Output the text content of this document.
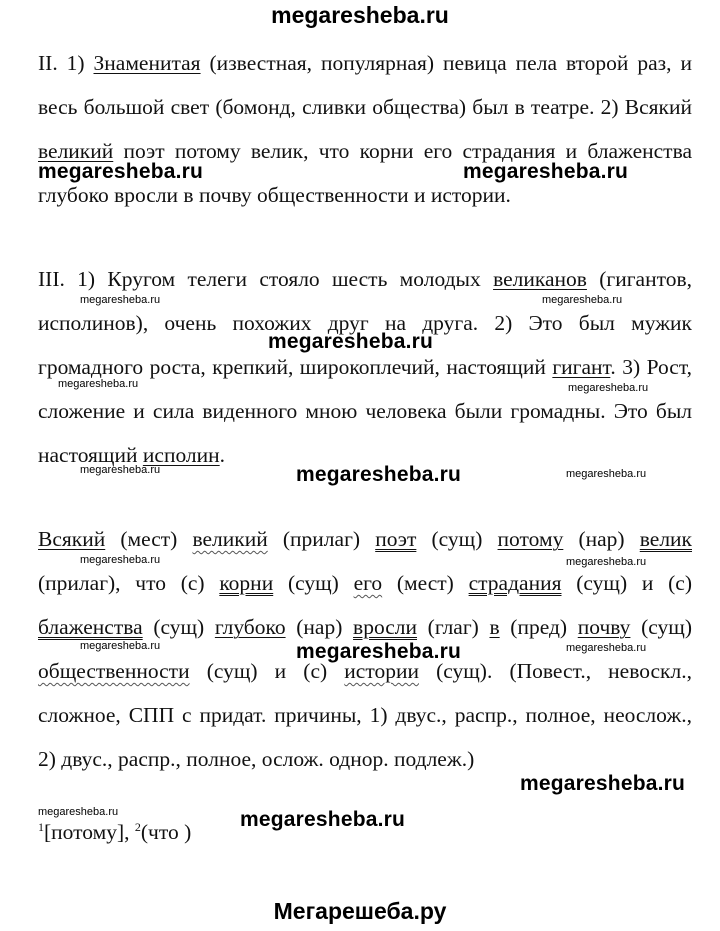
megaresheba.ru
II. 1) Знаменитая (известная, популярная) певица пела второй раз, и весь большой свет (бомонд, сливки общества) был в театре. 2) Всякий великий поэт потому велик, что корни его страдания и блаженства глубоко вросли в почву общественности и истории.
III. 1) Кругом телеги стояло шесть молодых великанов (гигантов, исполинов), очень похожих друг на друга. 2) Это был мужик громадного роста, крепкий, широкоплечий, настоящий гигант. 3) Рост, сложение и сила виденного мною человека были громадны. Это был настоящий исполин.
Всякий (мест) великий (прилаг) поэт (сущ) потому (нар) велик (прилаг), что (с) корни (сущ) его (мест) страдания (сущ) и (с) блаженства (сущ) глубоко (нар) вросли (глаг) в (пред) почву (сущ) общественности (сущ) и (с) истории (сущ). (Повест., невоскл., сложное, СПП с придат. причины, 1) двус., распр., полное, неослож., 2) двус., распр., полное, ослож. однор. подлеж.)
$^1$[потому], $^2$(что )
megaresheba.ru	megaresheba.ru
megaresheba.ru	megaresheba.ru
megaresheba.ru
megaresheba.ru	megaresheba.ru
megaresheba.ru	megaresheba.ru	megaresheba.ru
megaresheba.ru	megaresheba.ru
megaresheba.ru	megaresheba.ru	megaresheba.ru
megaresheba.ru
megaresheba.ru	megaresheba.ru
Мегарешеба.ру
